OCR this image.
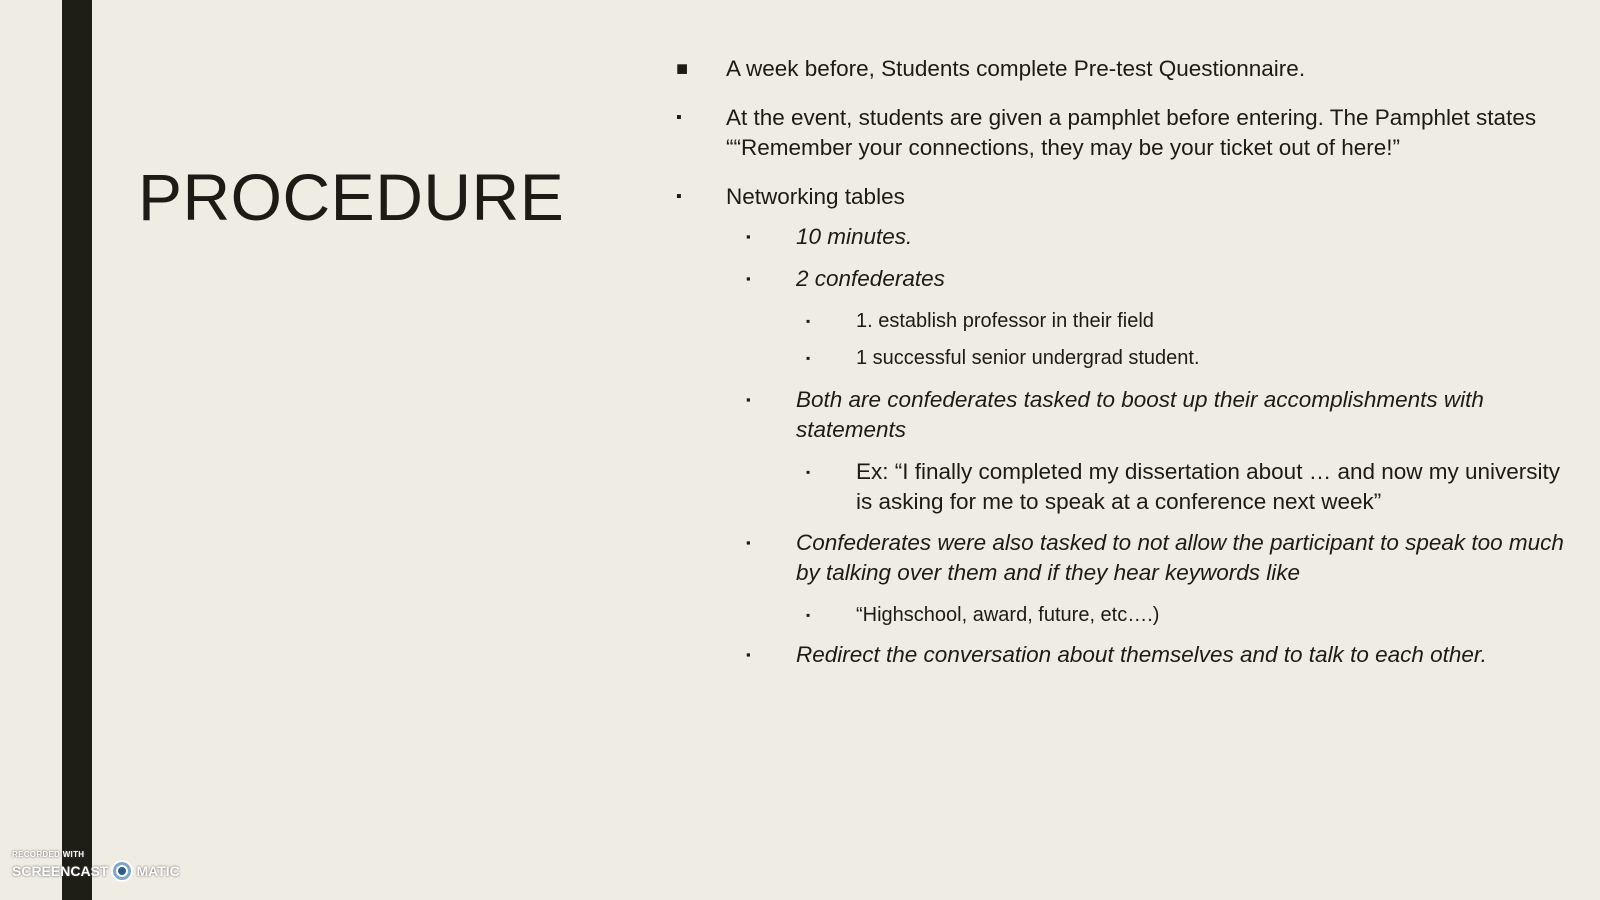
PROCEDURE
■ A week before, Students complete Pre-test Questionnaire.
▪ At the event, students are given a pamphlet before entering. The Pamphlet states ““Remember your connections, they may be your ticket out of here!”
▪ Networking tables
▪ 10 minutes.
▪ 2 confederates
▪ 1. establish professor in their field
▪ 1 successful senior undergrad student.
▪ Both are confederates tasked to boost up their accomplishments with statements
▪ Ex: “I finally completed my dissertation about … and now my university is asking for me to speak at a conference next week”
▪ Confederates were also tasked to not allow the participant to speak too much by talking over them and if they hear keywords like
▪ “Highschool, award, future, etc….)
▪ Redirect the conversation about themselves and to talk to each other.
RECORDED WITH
SCREENCAST MATIC
